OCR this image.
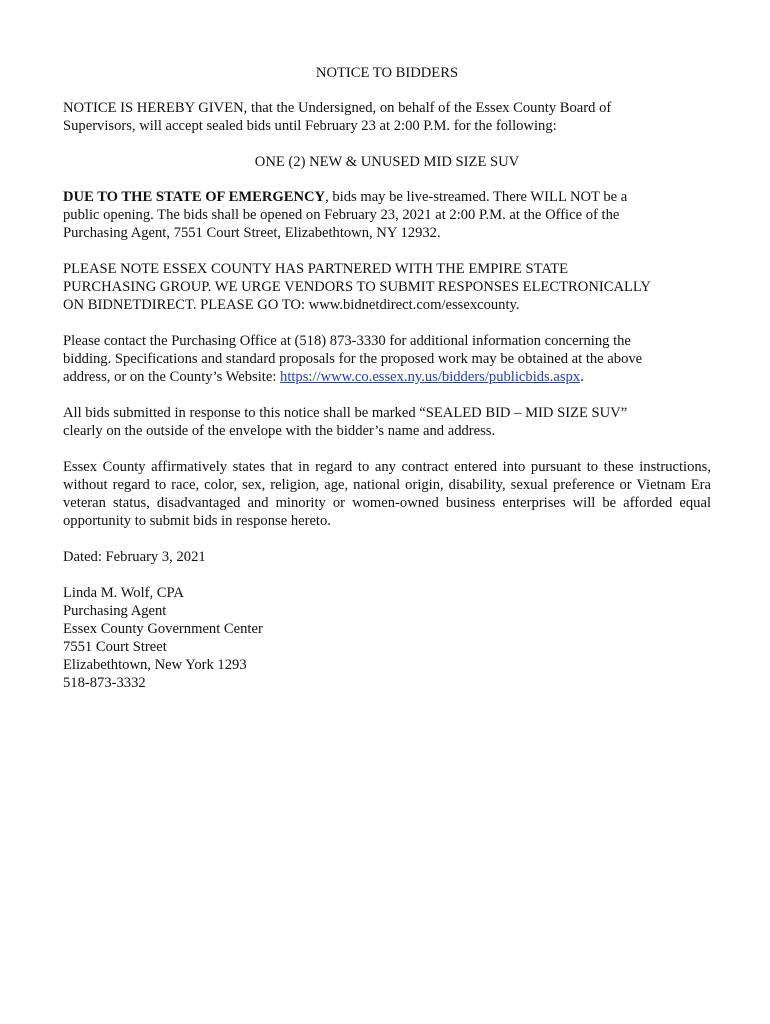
NOTICE TO BIDDERS

NOTICE IS HEREBY GIVEN, that the Undersigned, on behalf of the Essex County Board of
Supervisors, will accept sealed bids until February 23 at 2:00 P.M. for the following:

ONE (2) NEW & UNUSED MID SIZE SUV

DUE TO THE STATE OF EMERGENCY, bids may be live-streamed. There WILL NOT be a
public opening. The bids shall be opened on February 23, 2021 at 2:00 P.M. at the Office of the
Purchasing Agent, 7551 Court Street, Elizabethtown, NY 12932.

PLEASE NOTE ESSEX COUNTY HAS PARTNERED WITH THE EMPIRE STATE
PURCHASING GROUP. WE URGE VENDORS TO SUBMIT RESPONSES ELECTRONICALLY
ON BIDNETDIRECT. PLEASE GO TO: www.bidnetdirect.com/essexcounty.

Please contact the Purchasing Office at (518) 873-3330 for additional information concerning the
bidding. Specifications and standard proposals for the proposed work may be obtained at the above
address, or on the County’s Website: https://www.co.essex.ny.us/bidders/publicbids.aspx.

All bids submitted in response to this notice shall be marked “SEALED BID – MID SIZE SUV”
clearly on the outside of the envelope with the bidder’s name and address.

Essex County affirmatively states that in regard to any contract entered into pursuant to these instructions, without regard to race, color, sex, religion, age, national origin, disability, sexual preference or Vietnam Era veteran status, disadvantaged and minority or women-owned business enterprises will be afforded equal opportunity to submit bids in response hereto.

Dated: February 3, 2021

Linda M. Wolf, CPA
Purchasing Agent
Essex County Government Center
7551 Court Street
Elizabethtown, New York 1293
518-873-3332
